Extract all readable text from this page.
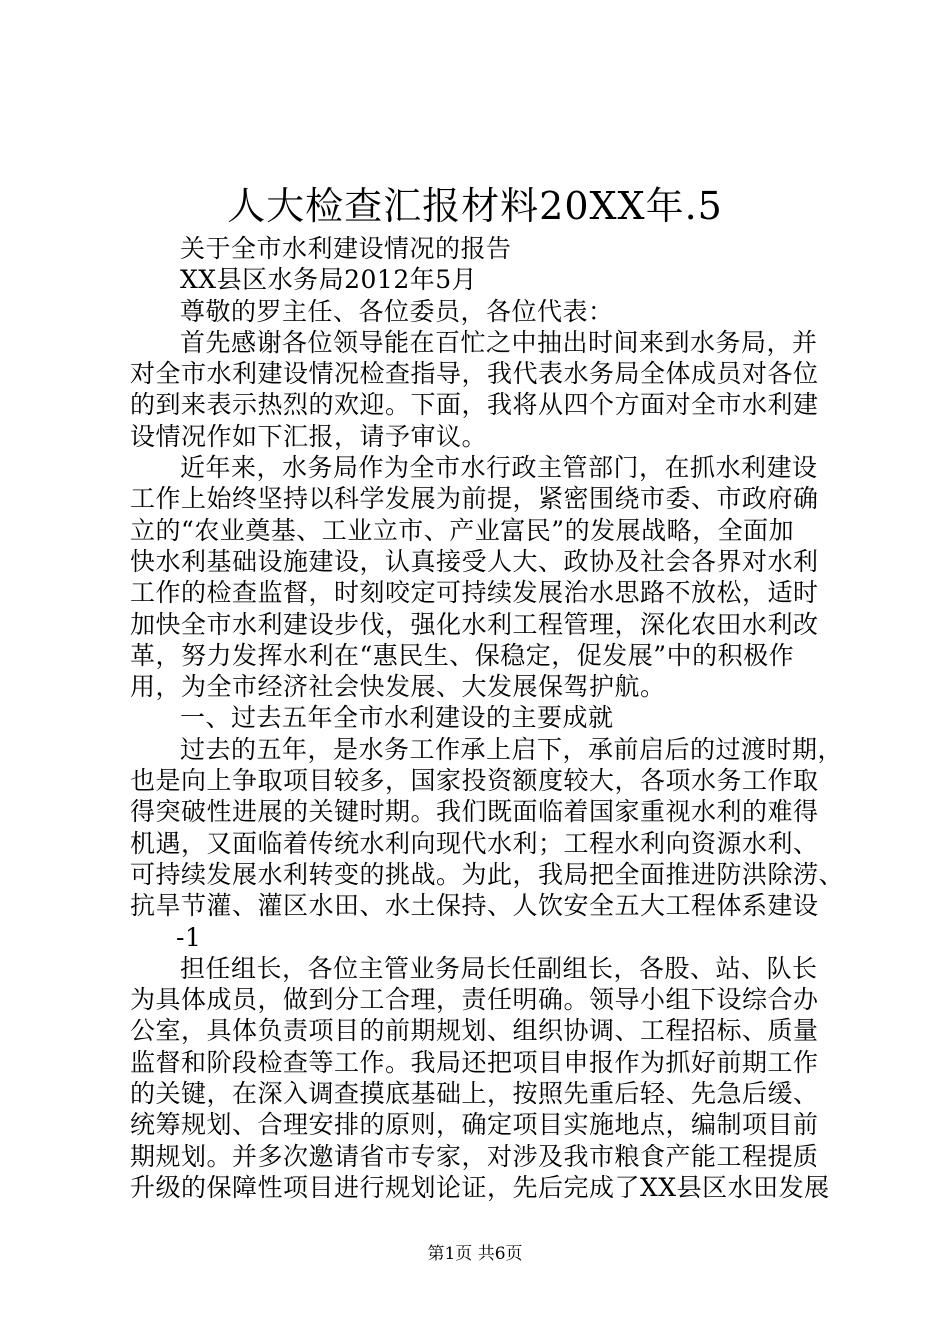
人大检查汇报材料20XX年.5
关于全市水利建设情况的报告
XX县区水务局2012年5月
尊敬的罗主任、各位委员，各位代表：
首先感谢各位领导能在百忙之中抽出时间来到水务局，并
对全市水利建设情况检查指导，我代表水务局全体成员对各位
的到来表示热烈的欢迎。下面，我将从四个方面对全市水利建
设情况作如下汇报，请予审议。
近年来，水务局作为全市水行政主管部门，在抓水利建设
工作上始终坚持以科学发展为前提，紧密围绕市委、市政府确
立的“农业奠基、工业立市、产业富民”的发展战略，全面加
快水利基础设施建设，认真接受人大、政协及社会各界对水利
工作的检查监督，时刻咬定可持续发展治水思路不放松，适时
加快全市水利建设步伐，强化水利工程管理，深化农田水利改
革，努力发挥水利在“惠民生、保稳定，促发展”中的积极作
用，为全市经济社会快发展、大发展保驾护航。
一、过去五年全市水利建设的主要成就
过去的五年，是水务工作承上启下，承前启后的过渡时期，
也是向上争取项目较多，国家投资额度较大，各项水务工作取
得突破性进展的关键时期。我们既面临着国家重视水利的难得
机遇，又面临着传统水利向现代水利；工程水利向资源水利、
可持续发展水利转变的挑战。为此，我局把全面推进防洪除涝、
抗旱节灌、灌区水田、水土保持、人饮安全五大工程体系建设
-1
担任组长，各位主管业务局长任副组长，各股、站、队长
为具体成员，做到分工合理，责任明确。领导小组下设综合办
公室，具体负责项目的前期规划、组织协调、工程招标、质量
监督和阶段检查等工作。我局还把项目申报作为抓好前期工作
的关键，在深入调查摸底基础上，按照先重后轻、先急后缓、
统筹规划、合理安排的原则，确定项目实施地点，编制项目前
期规划。并多次邀请省市专家，对涉及我市粮食产能工程提质
升级的保障性项目进行规划论证，先后完成了XX县区水田发展
第1页 共6页
